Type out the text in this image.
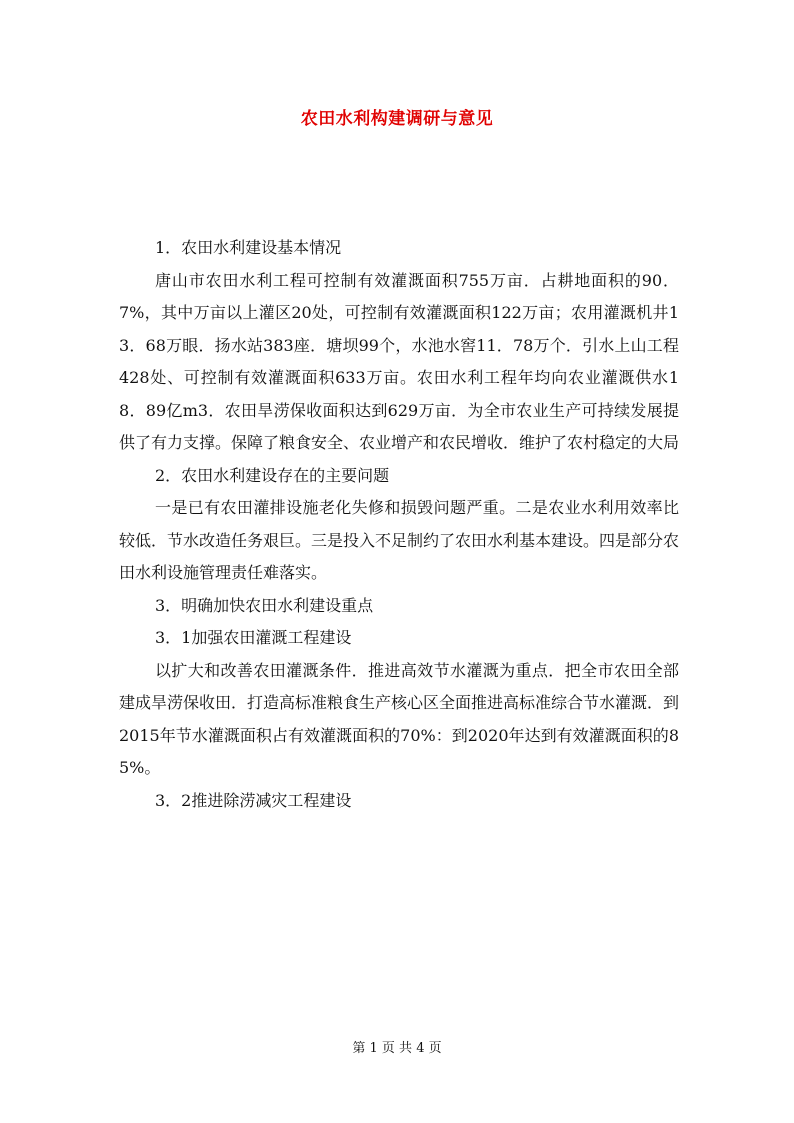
农田水利构建调研与意见

1．农田水利建设基本情况

唐山市农田水利工程可控制有效灌溉面积755万亩．占耕地面积的90．7%，其中万亩以上灌区20处，可控制有效灌溉面积122万亩；农用灌溉机井13．68万眼．扬水站383座．塘坝99个，水池水窖11．78万个．引水上山工程428处、可控制有效灌溉面积633万亩。农田水利工程年均向农业灌溉供水18．89亿m3．农田旱涝保收面积达到629万亩．为全市农业生产可持续发展提供了有力支撑。保障了粮食安全、农业增产和农民增收．维护了农村稳定的大局

2．农田水利建设存在的主要问题

一是已有农田灌排设施老化失修和损毁问题严重。二是农业水利用效率比较低．节水改造任务艰巨。三是投入不足制约了农田水利基本建设。四是部分农田水利设施管理责任难落实。

3．明确加快农田水利建设重点

3．1加强农田灌溉工程建设

以扩大和改善农田灌溉条件．推进高效节水灌溉为重点．把全市农田全部建成旱涝保收田．打造高标准粮食生产核心区全面推进高标准综合节水灌溉．到2015年节水灌溉面积占有效灌溉面积的70%：到2020年达到有效灌溉面积的85%。

3．2推进除涝减灾工程建设

第 1 页 共 4 页
